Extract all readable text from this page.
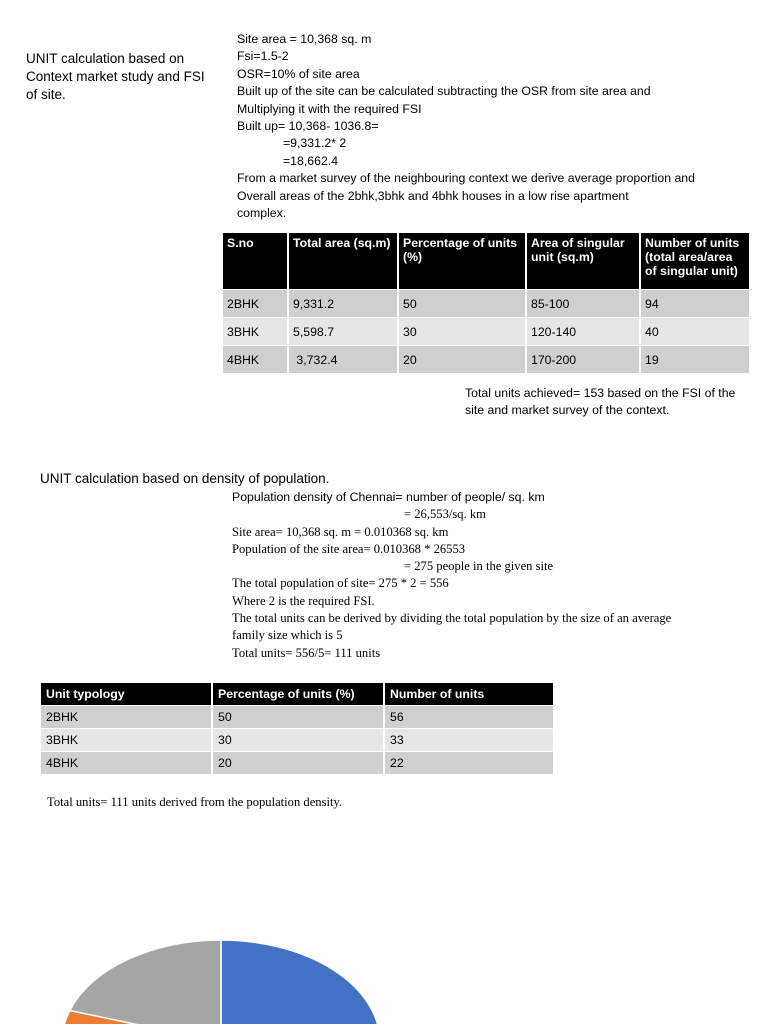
UNIT calculation based on Context market study and FSI of site.
Site area = 10,368 sq. m
Fsi=1.5-2
OSR=10% of site area
Built up of the site can be calculated subtracting the OSR from site area and
Multiplying it with the required FSI
Built up= 10,368- 1036.8=
=9,331.2* 2
=18,662.4
From a market survey of the neighbouring context we derive average proportion and
Overall areas of the 2bhk,3bhk and 4bhk houses in a low rise apartment
complex.
S.no	Total area (sq.m)	Percentage of units (%)	Area of singular unit (sq.m)	Number of units (total area/area of singular unit)
2BHK	9,331.2	50	85-100	94
3BHK	5,598.7	30	120-140	40
4BHK	3,732.4	20	170-200	19
Total units achieved= 153 based on the FSI of the site and market survey of the context.
UNIT calculation based on density of population.
Population density of Chennai= number of people/ sq. km
= 26,553/sq. km
Site area= 10,368 sq. m = 0.010368 sq. km
Population of the site area= 0.010368 * 26553
= 275 people in the given site
The total population of site= 275 * 2 = 556
Where 2 is the required FSI.
The total units can be derived by dividing the total population by the size of an average
family size which is 5
Total units= 556/5= 111 units
Unit typology	Percentage of units (%)	Number of units
2BHK	50	56
3BHK	30	33
4BHK	20	22
Total units= 111 units derived from the population density.
